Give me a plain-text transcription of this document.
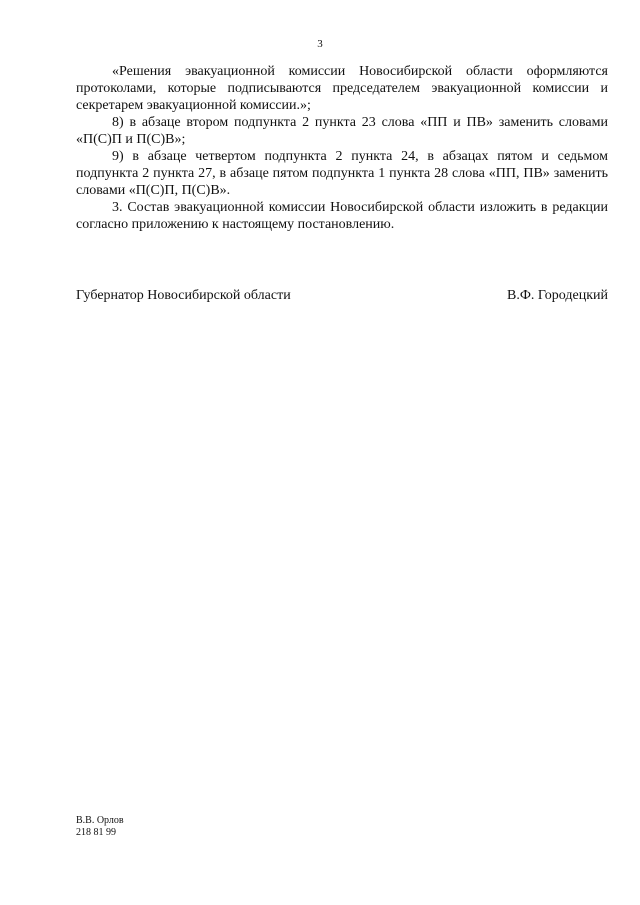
3

«Решения эвакуационной комиссии Новосибирской области оформляются протоколами, которые подписываются председателем эвакуационной комиссии и секретарем эвакуационной комиссии.»;

8) в абзаце втором подпункта 2 пункта 23 слова «ПП и ПВ» заменить словами «П(С)П и П(С)В»;

9) в абзаце четвертом подпункта 2 пункта 24, в абзацах пятом и седьмом подпункта 2 пункта 27, в абзаце пятом подпункта 1 пункта 28 слова «ПП, ПВ» заменить словами «П(С)П, П(С)В».

3. Состав эвакуационной комиссии Новосибирской области изложить в редакции согласно приложению к настоящему постановлению.

Губернатор Новосибирской области	В.Ф. Городецкий
В.В. Орлов
218 81 99
